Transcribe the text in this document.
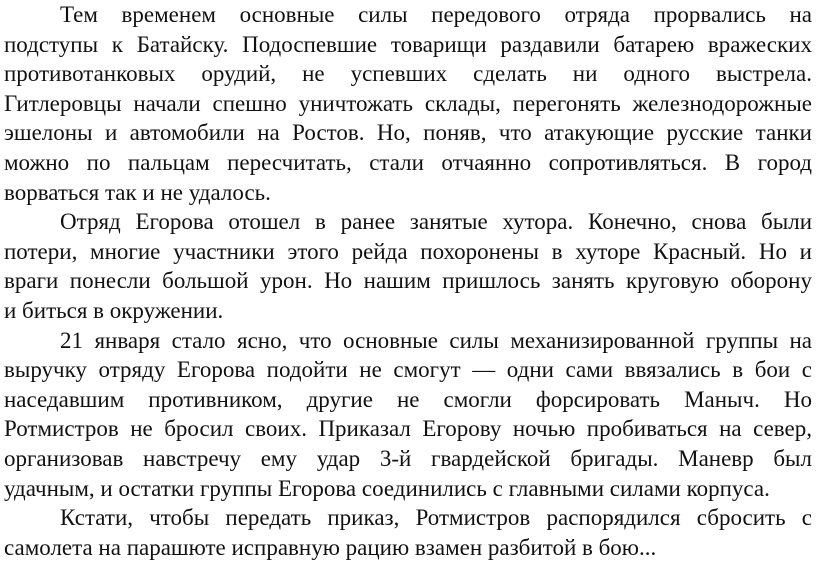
Тем временем основные силы передового отряда прорвались на
подступы к Батайску. Подоспевшие товарищи раздавили батарею вражеских
противотанковых орудий, не успевших сделать ни одного выстрела.
Гитлеровцы начали спешно уничтожать склады, перегонять железнодорожные
эшелоны и автомобили на Ростов. Но, поняв, что атакующие русские танки
можно по пальцам пересчитать, стали отчаянно сопротивляться. В город
ворваться так и не удалось.
Отряд Егорова отошел в ранее занятые хутора. Конечно, снова были
потери, многие участники этого рейда похоронены в хуторе Красный. Но и
враги понесли большой урон. Но нашим пришлось занять круговую оборону
и биться в окружении.
21 января стало ясно, что основные силы механизированной группы на
выручку отряду Егорова подойти не смогут — одни сами ввязались в бои с
наседавшим противником, другие не смогли форсировать Маныч. Но
Ротмистров не бросил своих. Приказал Егорову ночью пробиваться на север,
организовав навстречу ему удар 3-й гвардейской бригады. Маневр был
удачным, и остатки группы Егорова соединились с главными силами корпуса.
Кстати, чтобы передать приказ, Ротмистров распорядился сбросить с
самолета на парашюте исправную рацию взамен разбитой в бою...
